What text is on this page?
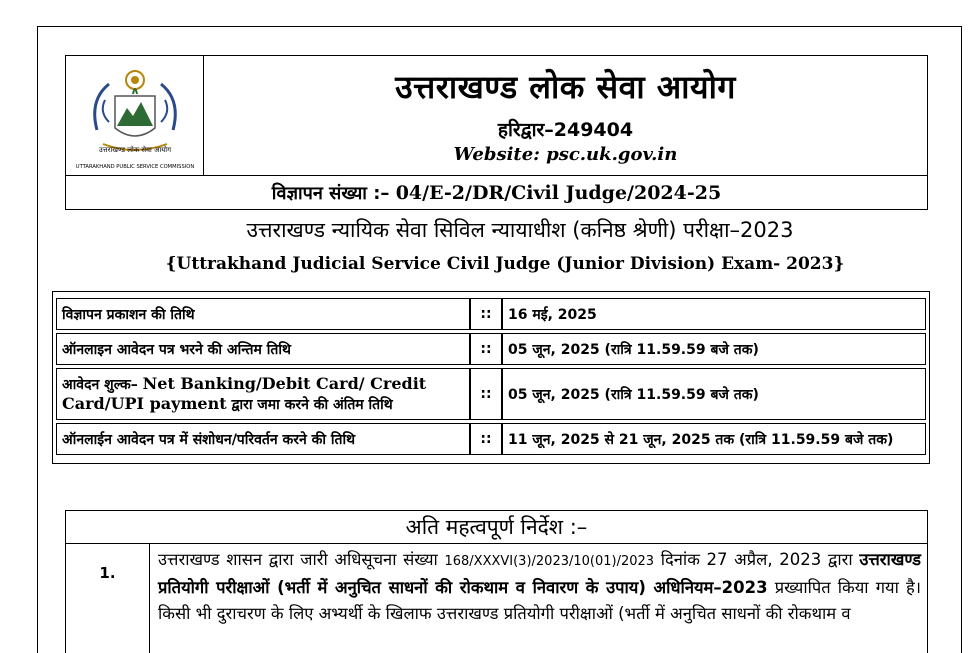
उत्तराखण्ड लोक सेवा आयोग
UTTARAKHAND PUBLIC SERVICE COMMISSION
उत्तराखण्ड लोक सेवा आयोग
हरिद्वार–249404
Website: psc.uk.gov.in
विज्ञापन संख्या :– 04/E-2/DR/Civil Judge/2024-25
उत्तराखण्ड न्यायिक सेवा सिविल न्यायाधीश (कनिष्ठ श्रेणी) परीक्षा–2023
{Uttrakhand Judicial Service Civil Judge (Junior Division) Exam- 2023}
विज्ञापन प्रकाशन की तिथि	::	16 मई, 2025
ऑनलाइन आवेदन पत्र भरने की अन्तिम तिथि	::	05 जून, 2025 (रात्रि 11.59.59 बजे तक)
आवेदन शुल्क– Net Banking/Debit Card/ Credit Card/UPI payment द्वारा जमा करने की अंतिम तिथि	::	05 जून, 2025 (रात्रि 11.59.59 बजे तक)
ऑनलाईन आवेदन पत्र में संशोधन/परिवर्तन करने की तिथि	::	11 जून, 2025 से 21 जून, 2025 तक (रात्रि 11.59.59 बजे तक)
अति महत्वपूर्ण निर्देश :–
1.
उत्तराखण्ड शासन द्वारा जारी अधिसूचना संख्या 168/XXXVI(3)/2023/10(01)/2023 दिनांक 27 अप्रैल, 2023 द्वारा उत्तराखण्ड प्रतियोगी परीक्षाओं (भर्ती में अनुचित साधनों की रोकथाम व निवारण के उपाय) अधिनियम–2023 प्रख्यापित किया गया है। किसी भी दुराचरण के लिए अभ्यर्थी के खिलाफ उत्तराखण्ड प्रतियोगी परीक्षाओं (भर्ती में अनुचित साधनों की रोकथाम व
